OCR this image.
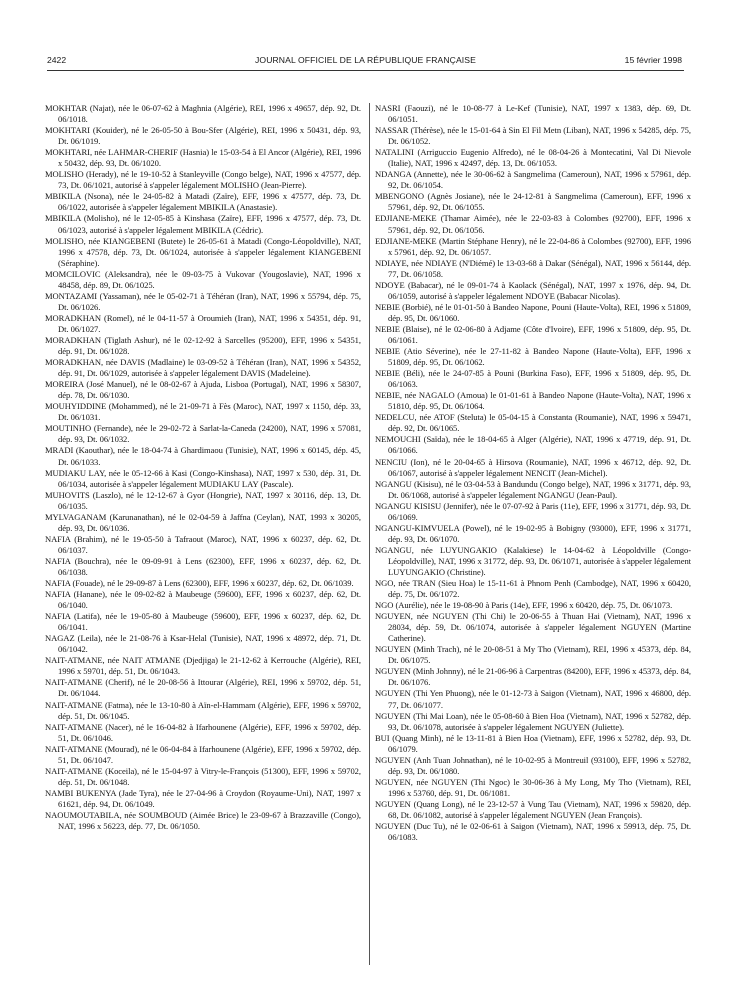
2422	JOURNAL OFFICIEL DE LA RÉPUBLIQUE FRANÇAISE	15 février 1998

MOKHTAR (Najat), née le 06-07-62 à Maghnia (Algérie), REI, 1996 x 49657, dép. 92, Dt. 06/1018.

MOKHTARI (Kouider), né le 26-05-50 à Bou-Sfer (Algérie), REI, 1996 x 50431, dép. 93, Dt. 06/1019.

MOKHTARI, née LAHMAR-CHERIF (Hasnia) le 15-03-54 à El Ancor (Algérie), REI, 1996 x 50432, dép. 93, Dt. 06/1020.

MOLISHO (Herady), né le 19-10-52 à Stanleyville (Congo belge), NAT, 1996 x 47577, dép. 73, Dt. 06/1021, autorisé à s'appeler légalement MOLISHO (Jean-Pierre).

MBIKILA (Nsona), née le 24-05-82 à Matadi (Zaïre), EFF, 1996 x 47577, dép. 73, Dt. 06/1022, autorisée à s'appeler légalement MBIKILA (Anastasie).

MBIKILA (Molisho), né le 12-05-85 à Kinshasa (Zaïre), EFF, 1996 x 47577, dép. 73, Dt. 06/1023, autorisé à s'appeler légalement MBIKILA (Cédric).

MOLISHO, née KIANGEBENI (Butete) le 26-05-61 à Matadi (Congo-Léopoldville), NAT, 1996 x 47578, dép. 73, Dt. 06/1024, autorisée à s'appeler légalement KIANGEBENI (Séraphine).

MOMCILOVIC (Aleksandra), née le 09-03-75 à Vukovar (Yougoslavie), NAT, 1996 x 48458, dép. 89, Dt. 06/1025.

MONTAZAMI (Yassaman), née le 05-02-71 à Téhéran (Iran), NAT, 1996 x 55794, dép. 75, Dt. 06/1026.

MORADKHAN (Romel), né le 04-11-57 à Oroumieh (Iran), NAT, 1996 x 54351, dép. 91, Dt. 06/1027.

MORADKHAN (Tiglath Ashur), né le 02-12-92 à Sarcelles (95200), EFF, 1996 x 54351, dép. 91, Dt. 06/1028.

MORADKHAN, née DAVIS (Madlaine) le 03-09-52 à Téhéran (Iran), NAT, 1996 x 54352, dép. 91, Dt. 06/1029, autorisée à s'appeler légalement DAVIS (Madeleine).

MOREIRA (José Manuel), né le 08-02-67 à Ajuda, Lisboa (Portugal), NAT, 1996 x 58307, dép. 78, Dt. 06/1030.

MOUHYIDDINE (Mohammed), né le 21-09-71 à Fès (Maroc), NAT, 1997 x 1150, dép. 33, Dt. 06/1031.

MOUTINHO (Fernande), née le 29-02-72 à Sarlat-la-Caneda (24200), NAT, 1996 x 57081, dép. 93, Dt. 06/1032.

MRADI (Kaouthar), née le 18-04-74 à Ghardimaou (Tunisie), NAT, 1996 x 60145, dép. 45, Dt. 06/1033.

MUDIAKU LAY, née le 05-12-66 à Kasi (Congo-Kinshasa), NAT, 1997 x 530, dép. 31, Dt. 06/1034, autorisée à s'appeler légalement MUDIAKU LAY (Pascale).

MUHOVITS (Laszlo), né le 12-12-67 à Gyor (Hongrie), NAT, 1997 x 30116, dép. 13, Dt. 06/1035.

MYLVAGANAM (Karunanathan), né le 02-04-59 à Jaffna (Ceylan), NAT, 1993 x 30205, dép. 93, Dt. 06/1036.

NAFIA (Brahim), né le 19-05-50 à Tafraout (Maroc), NAT, 1996 x 60237, dép. 62, Dt. 06/1037.

NAFIA (Bouchra), née le 09-09-91 à Lens (62300), EFF, 1996 x 60237, dép. 62, Dt. 06/1038.

NAFIA (Fouade), né le 29-09-87 à Lens (62300), EFF, 1996 x 60237, dép. 62, Dt. 06/1039.

NAFIA (Hanane), née le 09-02-82 à Maubeuge (59600), EFF, 1996 x 60237, dép. 62, Dt. 06/1040.

NAFIA (Latifa), née le 19-05-80 à Maubeuge (59600), EFF, 1996 x 60237, dép. 62, Dt. 06/1041.

NAGAZ (Leila), née le 21-08-76 à Ksar-Helal (Tunisie), NAT, 1996 x 48972, dép. 71, Dt. 06/1042.

NAIT-ATMANE, née NAIT ATMANE (Djedjiga) le 21-12-62 à Kerrouche (Algérie), REI, 1996 x 59701, dép. 51, Dt. 06/1043.

NAIT-ATMANE (Cherif), né le 20-08-56 à Ittourar (Algérie), REI, 1996 x 59702, dép. 51, Dt. 06/1044.

NAIT-ATMANE (Fatma), née le 13-10-80 à Aïn-el-Hammam (Algérie), EFF, 1996 x 59702, dép. 51, Dt. 06/1045.

NAIT-ATMANE (Nacer), né le 16-04-82 à Ifarhounene (Algérie), EFF, 1996 x 59702, dép. 51, Dt. 06/1046.

NAIT-ATMANE (Mourad), né le 06-04-84 à Ifarhounene (Algérie), EFF, 1996 x 59702, dép. 51, Dt. 06/1047.

NAIT-ATMANE (Koceila), né le 15-04-97 à Vitry-le-François (51300), EFF, 1996 x 59702, dép. 51, Dt. 06/1048.

NAMBI BUKENYA (Jade Tyra), née le 27-04-96 à Croydon (Royaume-Uni), NAT, 1997 x 61621, dép. 94, Dt. 06/1049.

NAOUMOUTABILA, née SOUMBOUD (Aimée Brice) le 23-09-67 à Brazzaville (Congo), NAT, 1996 x 56223, dép. 77, Dt. 06/1050.

NASRI (Faouzi), né le 10-08-77 à Le-Kef (Tunisie), NAT, 1997 x 1383, dép. 69, Dt. 06/1051.

NASSAR (Thérèse), née le 15-01-64 à Sin El Fil Metn (Liban), NAT, 1996 x 54285, dép. 75, Dt. 06/1052.

NATALINI (Arriguccio Eugenio Alfredo), né le 08-04-26 à Montecatini, Val Di Nievole (Italie), NAT, 1996 x 42497, dép. 13, Dt. 06/1053.

NDANGA (Annette), née le 30-06-62 à Sangmelima (Cameroun), NAT, 1996 x 57961, dép. 92, Dt. 06/1054.

MBENGONO (Agnès Josiane), née le 24-12-81 à Sangmelima (Cameroun), EFF, 1996 x 57961, dép. 92, Dt. 06/1055.

EDJIANE-MEKE (Thamar Aimée), née le 22-03-83 à Colombes (92700), EFF, 1996 x 57961, dép. 92, Dt. 06/1056.

EDJIANE-MEKE (Martin Stéphane Henry), né le 22-04-86 à Colombes (92700), EFF, 1996 x 57961, dép. 92, Dt. 06/1057.

NDIAYE, née NDIAYE (N'Diémé) le 13-03-68 à Dakar (Sénégal), NAT, 1996 x 56144, dép. 77, Dt. 06/1058.

NDOYE (Babacar), né le 09-01-74 à Kaolack (Sénégal), NAT, 1997 x 1976, dép. 94, Dt. 06/1059, autorisé à s'appeler légalement NDOYE (Babacar Nicolas).

NEBIE (Borbié), né le 01-01-50 à Bandeo Napone, Pouni (Haute-Volta), REI, 1996 x 51809, dép. 95, Dt. 06/1060.

NEBIE (Blaise), né le 02-06-80 à Adjame (Côte d'Ivoire), EFF, 1996 x 51809, dép. 95, Dt. 06/1061.

NEBIE (Atio Séverine), née le 27-11-82 à Bandeo Napone (Haute-Volta), EFF, 1996 x 51809, dép. 95, Dt. 06/1062.

NEBIE (Béli), née le 24-07-85 à Pouni (Burkina Faso), EFF, 1996 x 51809, dép. 95, Dt. 06/1063.

NEBIE, née NAGALO (Amoua) le 01-01-61 à Bandeo Napone (Haute-Volta), NAT, 1996 x 51810, dép. 95, Dt. 06/1064.

NEDELCU, née ATOF (Steluta) le 05-04-15 à Constanta (Roumanie), NAT, 1996 x 59471, dép. 92, Dt. 06/1065.

NEMOUCHI (Saïda), née le 18-04-65 à Alger (Algérie), NAT, 1996 x 47719, dép. 91, Dt. 06/1066.

NENCIU (Ion), né le 20-04-65 à Hirsova (Roumanie), NAT, 1996 x 46712, dép. 92, Dt. 06/1067, autorisé à s'appeler légalement NENCIT (Jean-Michel).

NGANGU (Kisisu), né le 03-04-53 à Bandundu (Congo belge), NAT, 1996 x 31771, dép. 93, Dt. 06/1068, autorisé à s'appeler légalement NGANGU (Jean-Paul).

NGANGU KISISU (Jennifer), née le 07-07-92 à Paris (11e), EFF, 1996 x 31771, dép. 93, Dt. 06/1069.

NGANGU-KIMVUELA (Powel), né le 19-02-95 à Bobigny (93000), EFF, 1996 x 31771, dép. 93, Dt. 06/1070.

NGANGU, née LUYUNGAKIO (Kalakiese) le 14-04-62 à Léopoldville (Congo-Léopoldville), NAT, 1996 x 31772, dép. 93, Dt. 06/1071, autorisée à s'appeler légalement LUYUNGAKIO (Christine).

NGO, née TRAN (Sieu Hoa) le 15-11-61 à Phnom Penh (Cambodge), NAT, 1996 x 60420, dép. 75, Dt. 06/1072.

NGO (Aurélie), née le 19-08-90 à Paris (14e), EFF, 1996 x 60420, dép. 75, Dt. 06/1073.

NGUYEN, née NGUYEN (Thi Chi) le 20-06-55 à Thuan Hai (Vietnam), NAT, 1996 x 28034, dép. 59, Dt. 06/1074, autorisée à s'appeler légalement NGUYEN (Martine Catherine).

NGUYEN (Minh Trach), né le 20-08-51 à My Tho (Vietnam), REI, 1996 x 45373, dép. 84, Dt. 06/1075.

NGUYEN (Minh Johnny), né le 21-06-96 à Carpentras (84200), EFF, 1996 x 45373, dép. 84, Dt. 06/1076.

NGUYEN (Thi Yen Phuong), née le 01-12-73 à Saigon (Vietnam), NAT, 1996 x 46800, dép. 77, Dt. 06/1077.

NGUYEN (Thi Mai Loan), née le 05-08-60 à Bien Hoa (Vietnam), NAT, 1996 x 52782, dép. 93, Dt. 06/1078, autorisée à s'appeler légalement NGUYEN (Juliette).

BUI (Quang Minh), né le 13-11-81 à Bien Hoa (Vietnam), EFF, 1996 x 52782, dép. 93, Dt. 06/1079.

NGUYEN (Anh Tuan Johnathan), né le 10-02-95 à Montreuil (93100), EFF, 1996 x 52782, dép. 93, Dt. 06/1080.

NGUYEN, née NGUYEN (Thi Ngoc) le 30-06-36 à My Long, My Tho (Vietnam), REI, 1996 x 53760, dép. 91, Dt. 06/1081.

NGUYEN (Quang Long), né le 23-12-57 à Vung Tau (Vietnam), NAT, 1996 x 59820, dép. 68, Dt. 06/1082, autorisé à s'appeler légalement NGUYEN (Jean François).

NGUYEN (Duc Tu), né le 02-06-61 à Saigon (Vietnam), NAT, 1996 x 59913, dép. 75, Dt. 06/1083.
